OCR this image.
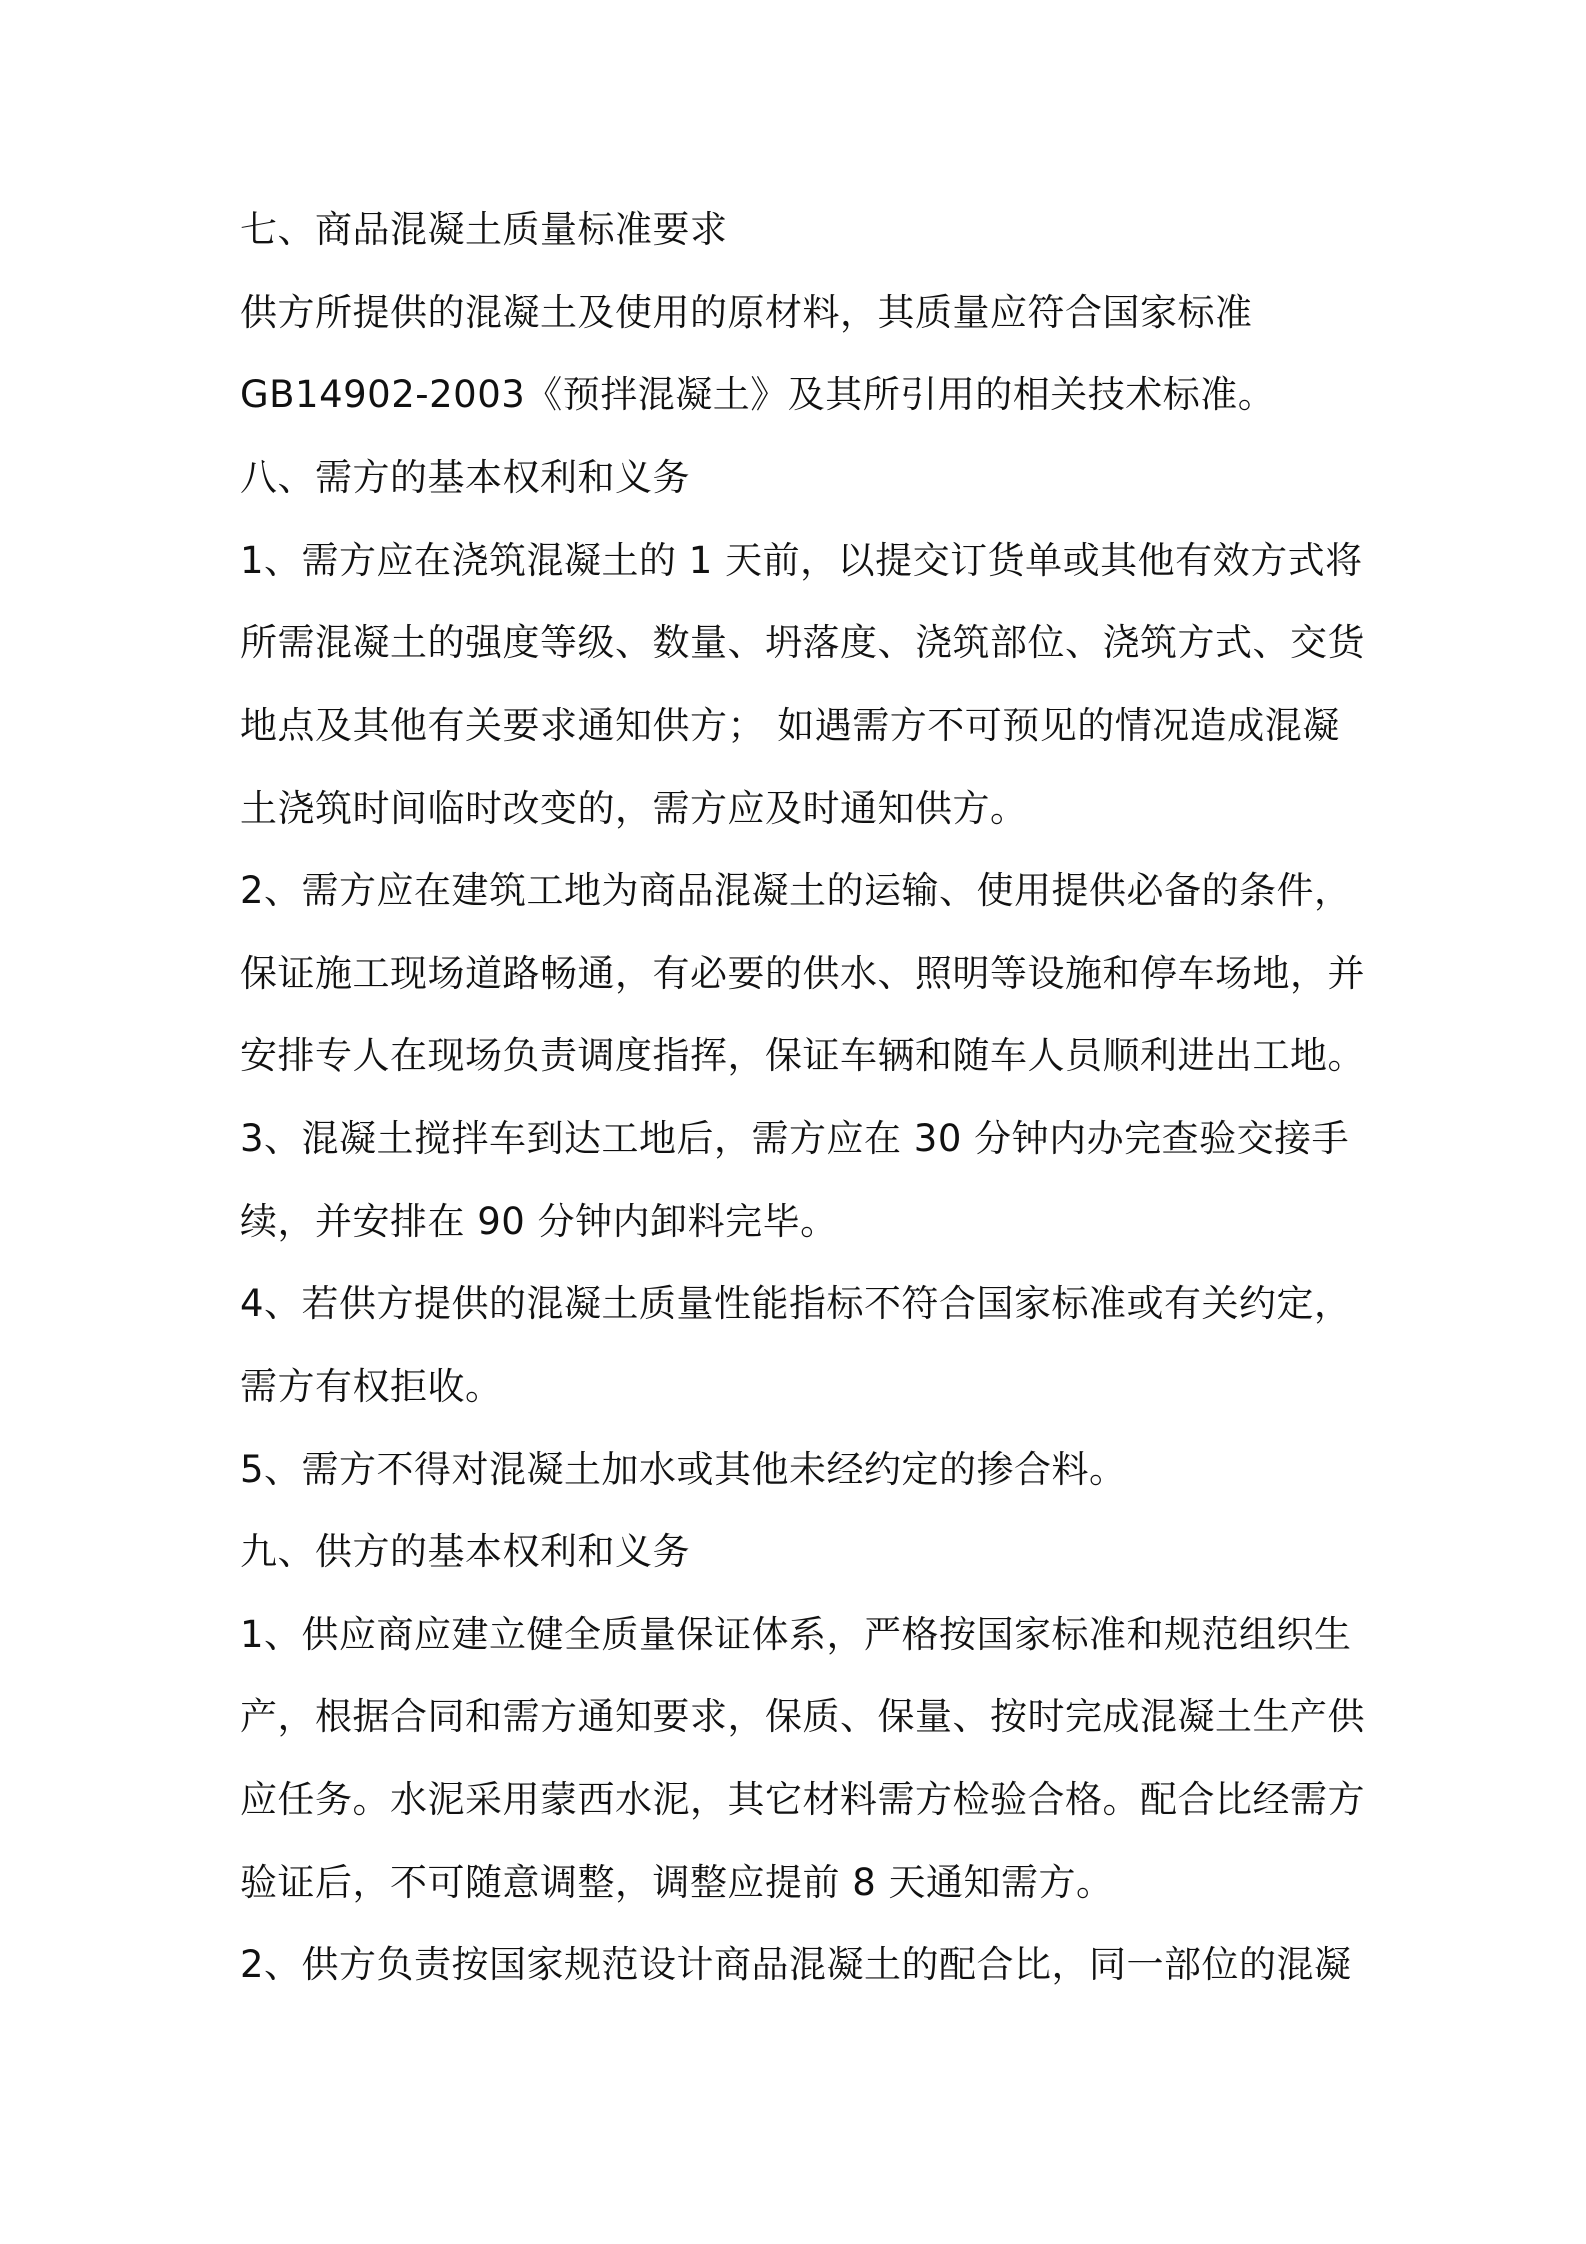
七、商品混凝土质量标准要求
供方所提供的混凝土及使用的原材料，其质量应符合国家标准
GB14902-2003《预拌混凝土》及其所引用的相关技术标准。
八、需方的基本权利和义务
1、需方应在浇筑混凝土的 1 天前，以提交订货单或其他有效方式将
所需混凝土的强度等级、数量、坍落度、浇筑部位、浇筑方式、交货
地点及其他有关要求通知供方； 如遇需方不可预见的情况造成混凝
土浇筑时间临时改变的，需方应及时通知供方。
2、需方应在建筑工地为商品混凝土的运输、使用提供必备的条件，
保证施工现场道路畅通，有必要的供水、照明等设施和停车场地，并
安排专人在现场负责调度指挥，保证车辆和随车人员顺利进出工地。
3、混凝土搅拌车到达工地后，需方应在 30 分钟内办完查验交接手
续，并安排在 90 分钟内卸料完毕。
4、若供方提供的混凝土质量性能指标不符合国家标准或有关约定，
需方有权拒收。
5、需方不得对混凝土加水或其他未经约定的掺合料。
九、供方的基本权利和义务
1、供应商应建立健全质量保证体系，严格按国家标准和规范组织生
产，根据合同和需方通知要求，保质、保量、按时完成混凝土生产供
应任务。水泥采用蒙西水泥，其它材料需方检验合格。配合比经需方
验证后，不可随意调整，调整应提前 8 天通知需方。
2、供方负责按国家规范设计商品混凝土的配合比，同一部位的混凝
